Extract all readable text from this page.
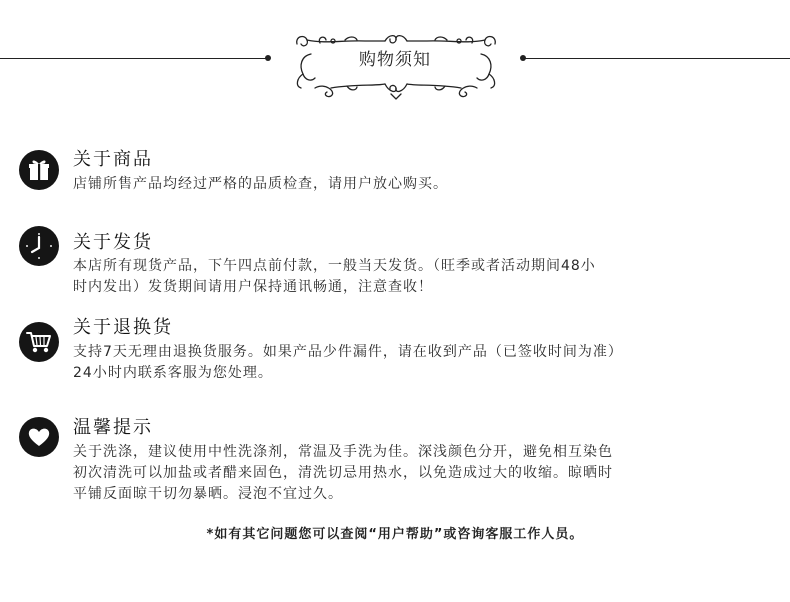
购物须知
关于商品
店铺所售产品均经过严格的品质检查，请用户放心购买。
关于发货
本店所有现货产品，下午四点前付款，一般当天发货。（旺季或者活动期间48小
时内发出）发货期间请用户保持通讯畅通，注意查收！
关于退换货
支持7天无理由退换货服务。如果产品少件漏件，请在收到产品（已签收时间为准）
24小时内联系客服为您处理。
温馨提示
关于洗涤，建议使用中性洗涤剂，常温及手洗为佳。深浅颜色分开，避免相互染色
初次清洗可以加盐或者醋来固色，清洗切忌用热水，以免造成过大的收缩。晾晒时
平铺反面晾干切勿暴晒。浸泡不宜过久。
*如有其它问题您可以查阅“用户帮助”或咨询客服工作人员。
